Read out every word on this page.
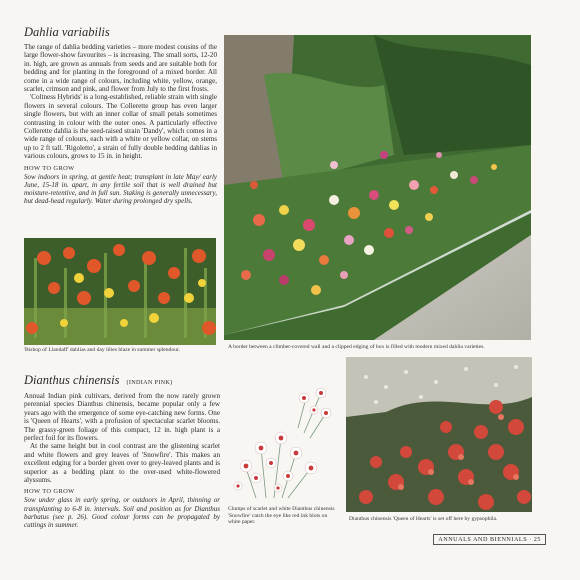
Dahlia variabilis

The range of dahlia bedding varieties – more modest cousins of the large flower-show favourites – is increasing. The small sorts, 12-20 in. high, are grown as annuals from seeds and are suitable both for bedding and for planting in the foreground of a mixed border. All come in a wide range of colours, including white, yellow, orange, scarlet, crimson and pink, and flower from July to the first frosts.

'Coltness Hybrids' is a long-established, reliable strain with single flowers in several colours. The Collerette group has even larger single flowers, but with an inner collar of small petals sometimes contrasting in colour with the outer ones. A particularly effective Collerette dahlia is the seed-raised strain 'Dandy', which comes in a wide range of colours, each with a white or yellow collar, on stems up to 2 ft tall. 'Rigoletto', a strain of fully double bedding dahlias in various colours, grows to 15 in. in height.

HOW TO GROW

Sow indoors in spring, at gentle heat; transplant in late May/ early June, 15-18 in. apart, in any fertile soil that is well drained but moisture-retentive, and in full sun. Staking is generally unnecessary, but dead-head regularly. Water during prolonged dry spells.

'Bishop of Llandaff' dahlias and day lilies blaze in summer splendour.	A border between a climber-covered wall and a clipped edging of box is filled with modern mixed dahlia varieties.
Dianthus chinensis (INDIAN PINK)

Annual Indian pink cultivars, derived from the now rarely grown perennial species Dianthus chinensis, became popular only a few years ago with the emergence of some eye-catching new forms. One is 'Queen of Hearts', with a profusion of spectacular scarlet blooms. The grassy-green foliage of this compact, 12 in. high plant is a perfect foil for its flowers.

At the same height but in cool contrast are the glistening scarlet and white flowers and grey leaves of 'Snowfire'. This makes an excellent edging for a border given over to grey-leaved plants and is superior as a bedding plant to the over-used white-flowered alyssums.

HOW TO GROW

Sow under glass in early spring, or outdoors in April, thinning or transplanting to 6-8 in. intervals. Soil and position as for Dianthus barbatus (see p. 26). Good colour forms can be propagated by cuttings in summer.

Clumps of scarlet and white Dianthus chinensis 'Snowfire' catch the eye like red ink blots on white paper.
Dianthus chinensis 'Queen of Hearts' is set off here by gypsophila.
ANNUALS AND BIENNIALS · 25
